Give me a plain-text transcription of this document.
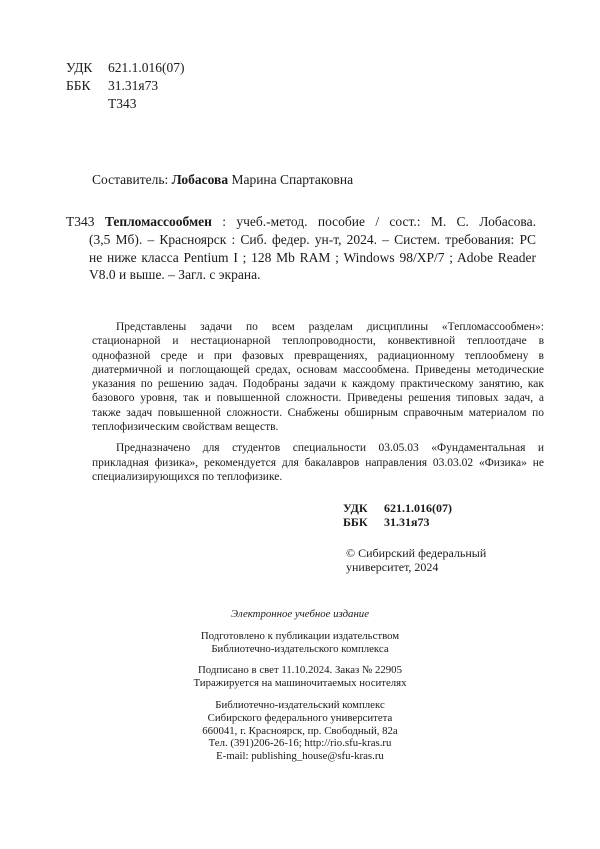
УДК 621.1.016(07)
ББК 31.31я73
Т343
Составитель: Лобасова Марина Спартаковна
Т343 Тепломассообмен : учеб.-метод. пособие / сост.: М. С. Лобасова.
(3,5 Мб). – Красноярск : Сиб. федер. ун-т, 2024. – Систем. требования: PC
не ниже класса Pentium I ; 128 Mb RAM ; Windows 98/XP/7 ; Adobe Reader
V8.0 и выше. – Загл. с экрана.

Представлены задачи по всем разделам дисциплины «Тепломассообмен»: стационарной и нестационарной теплопроводности, конвективной теплоотдаче в однофазной среде и при фазовых превращениях, радиационному теплообмену в диатермичной и поглощающей средах, основам массообмена. Приведены методические указания по решению задач. Подобраны задачи к каждому практическому занятию, как базового уровня, так и повышенной сложности. Приведены решения типовых задач, а также задач повышенной сложности. Снабжены обширным справочным материалом по теплофизическим свойствам веществ.

Предназначено для студентов специальности 03.05.03 «Фундаментальная и прикладная физика», рекомендуется для бакалавров направления 03.03.02 «Физика» не специализирующихся по теплофизике.

УДК 621.1.016(07)
ББК 31.31я73
© Сибирский федеральный
университет, 2024
Электронное учебное издание
Подготовлено к публикации издательством
Библиотечно-издательского комплекса
Подписано в свет 11.10.2024. Заказ № 22905
Тиражируется на машиночитаемых носителях
Библиотечно-издательский комплекс
Сибирского федерального университета
660041, г. Красноярск, пр. Свободный, 82а
Тел. (391)206-26-16; http://rio.sfu-kras.ru
E-mail: publishing_house@sfu-kras.ru
